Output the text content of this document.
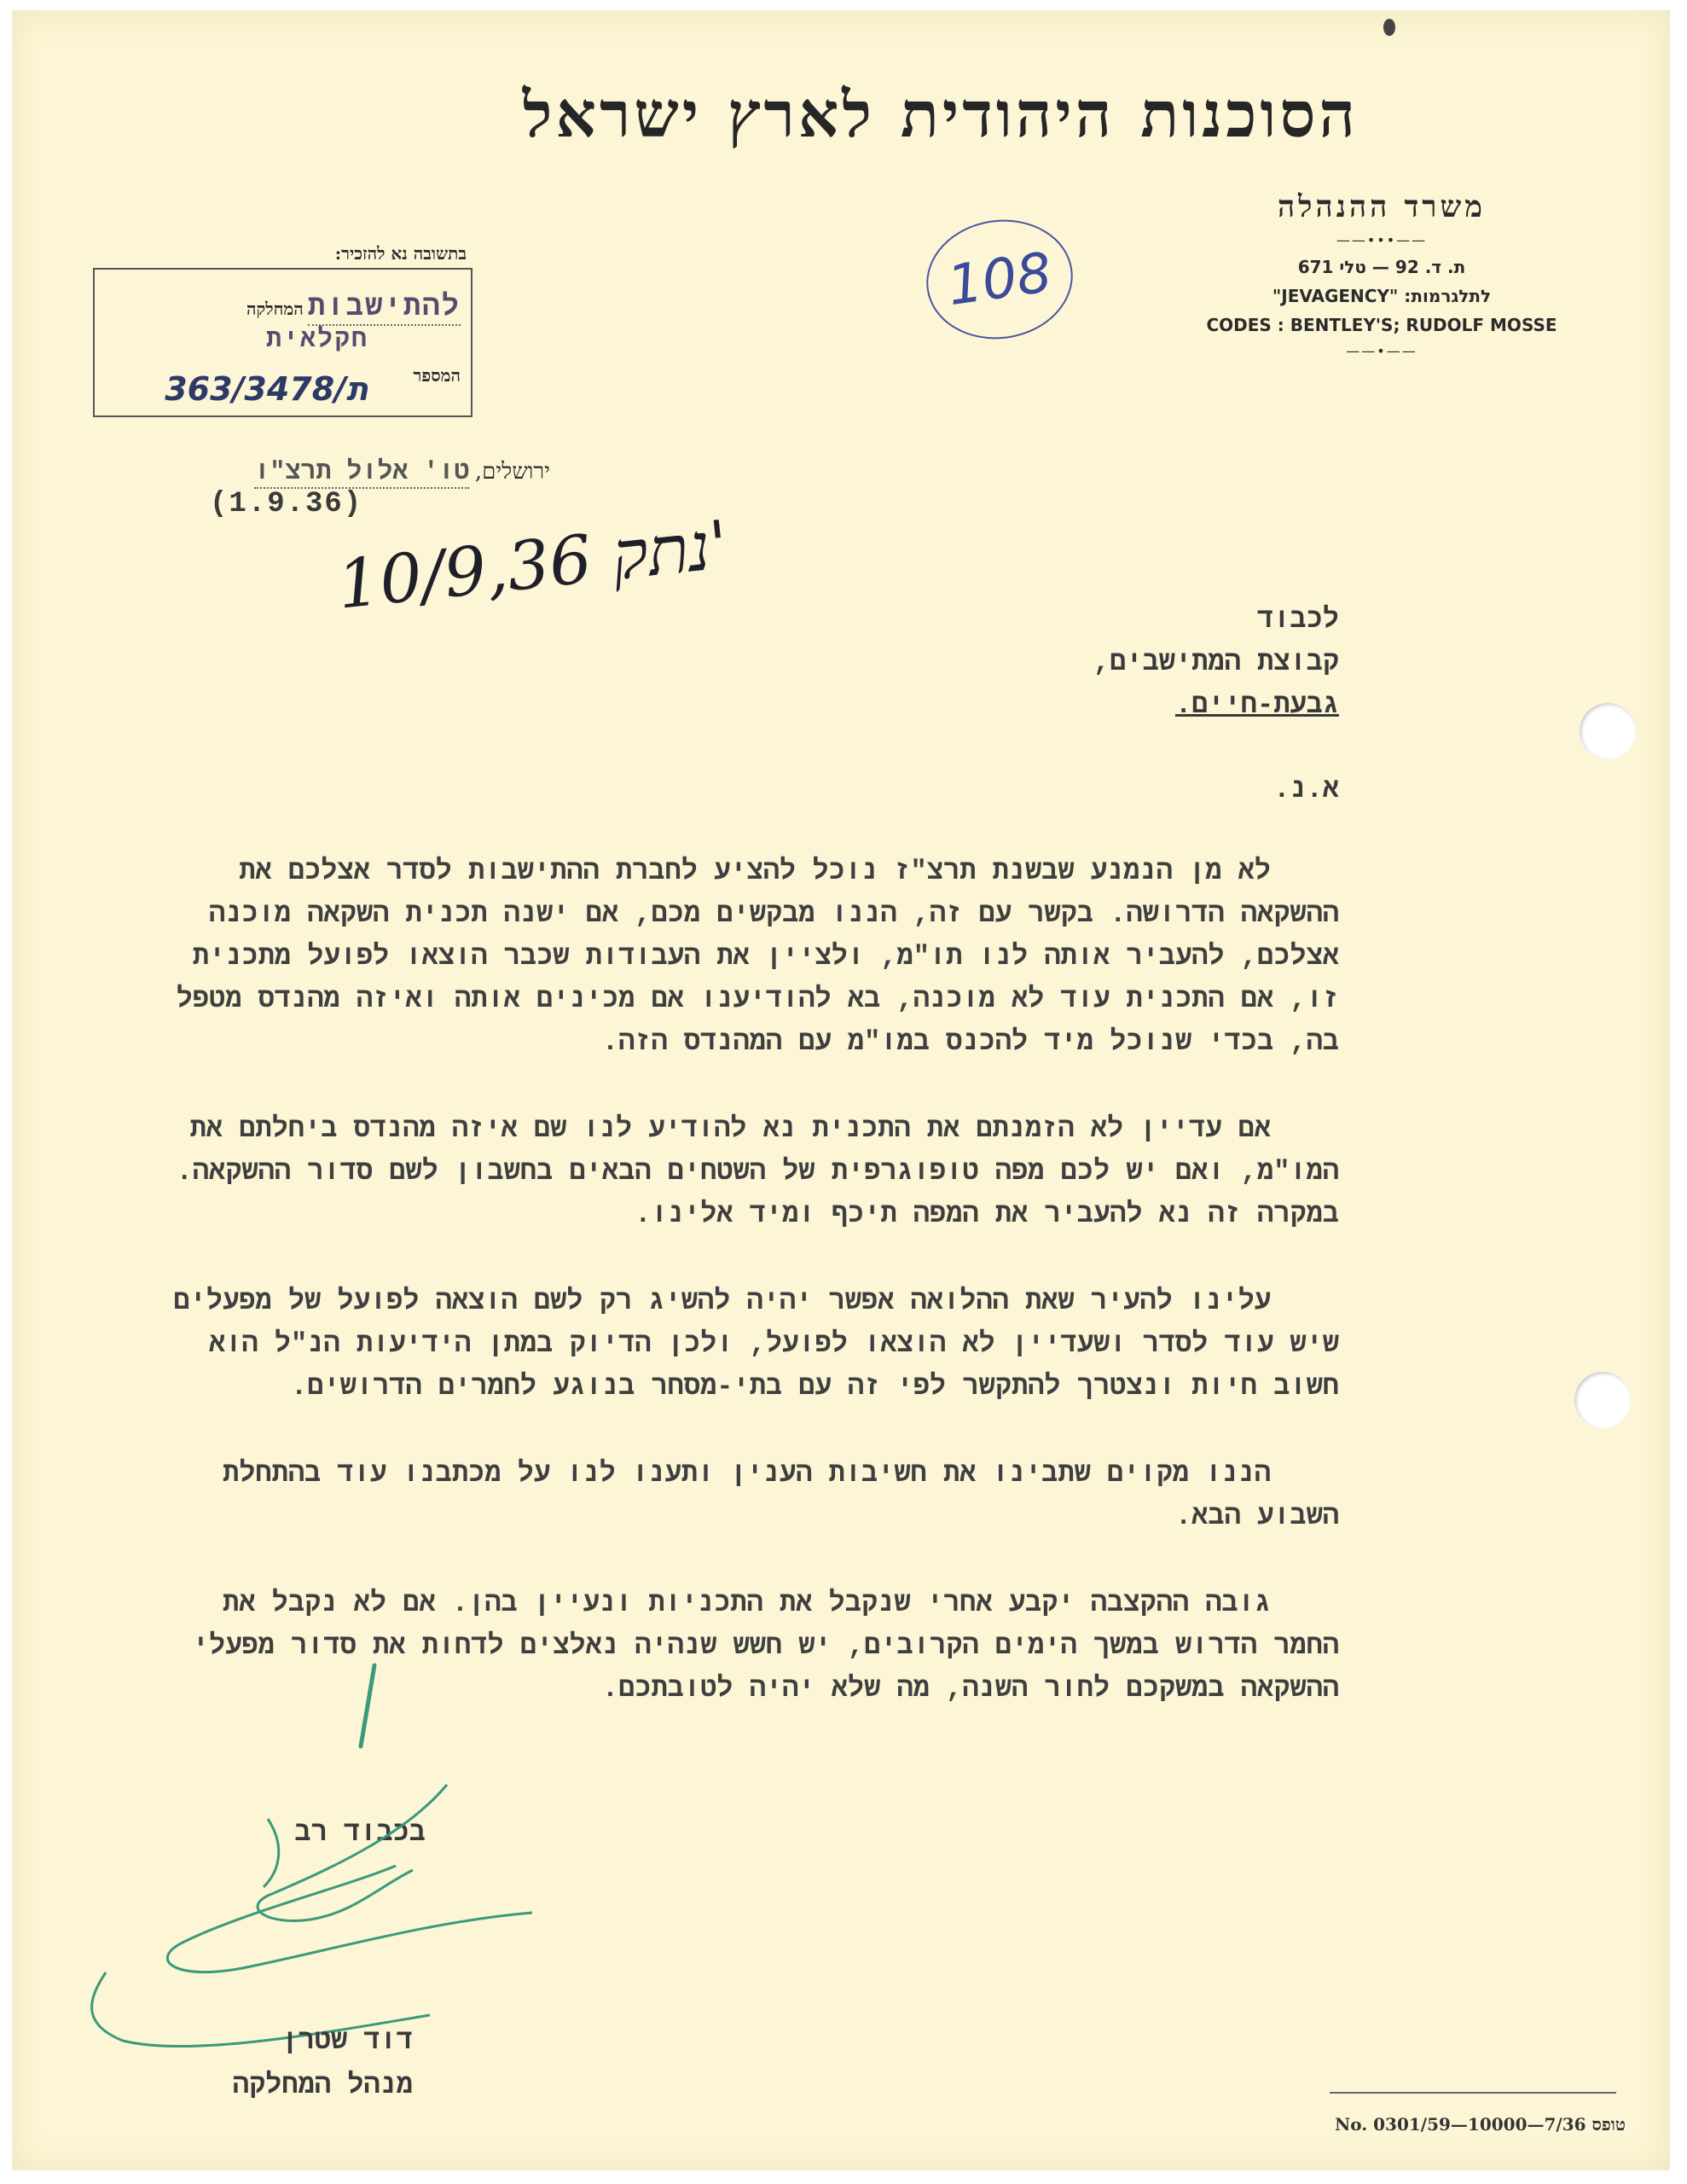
הסוכנות היהודית לארץ ישראל
משרד ההנהלה
——•••——
ת. ד. 92 — טלי 671
"JEVAGENCY" :לתלגרמות
CODES : BENTLEY'S; RUDOLF MOSSE
——•——
בתשובה נא להזכיר:
המחלקה להתישבות
חקלאית
המספר
363/ת/3478
108
ירושלים, טו' אלול תרצ"ו
(1.9.36)
10/9,36 נתק'
לכבוד
קבוצת המתישבים,
גבעת-חיים.
א.נ.

לא מן הנמנע שבשנת תרצ"ז נוכל להציע לחברת ההתישבות לסדר אצלכם את ההשקאה הדרושה. בקשר עם זה, הננו מבקשים מכם, אם ישנה תכנית השקאה מוכנה אצלכם, להעביר אותה לנו תו"מ, ולציין את העבודות שכבר הוצאו לפועל מתכנית זו, אם התכנית עוד לא מוכנה, בא להודיענו אם מכינים אותה ואיזה מהנדס מטפל בה, בכדי שנוכל מיד להכנס במו"מ עם המהנדס הזה.

אם עדיין לא הזמנתם את התכנית נא להודיע לנו שם איזה מהנדס ביחלתם את המו"מ, ואם יש לכם מפה טופוגרפית של השטחים הבאים בחשבון לשם סדור ההשקאה. במקרה זה נא להעביר את המפה תיכף ומיד אלינו.

עלינו להעיר שאת ההלואה אפשר יהיה להשיג רק לשם הוצאה לפועל של מפעלים שיש עוד לסדר ושעדיין לא הוצאו לפועל, ולכן הדיוק במתן הידיעות הנ"ל הוא חשוב חיות ונצטרך להתקשר לפי זה עם בתי-מסחר בנוגע לחמרים הדרושים.

הננו מקוים שתבינו את חשיבות הענין ותענו לנו על מכתבנו עוד בהתחלת השבוע הבא.

גובה ההקצבה יקבע אחרי שנקבל את התכניות ונעיין בהן. אם לא נקבל את החמר הדרוש במשך הימים הקרובים, יש חשש שנהיה נאלצים לדחות את סדור מפעלי ההשקאה במשקכם לחור השנה, מה שלא יהיה לטובתכם.

בכבוד רב
דוד שטרן
מנהל המחלקה
טופס No. 0301/59—10000—7/36
